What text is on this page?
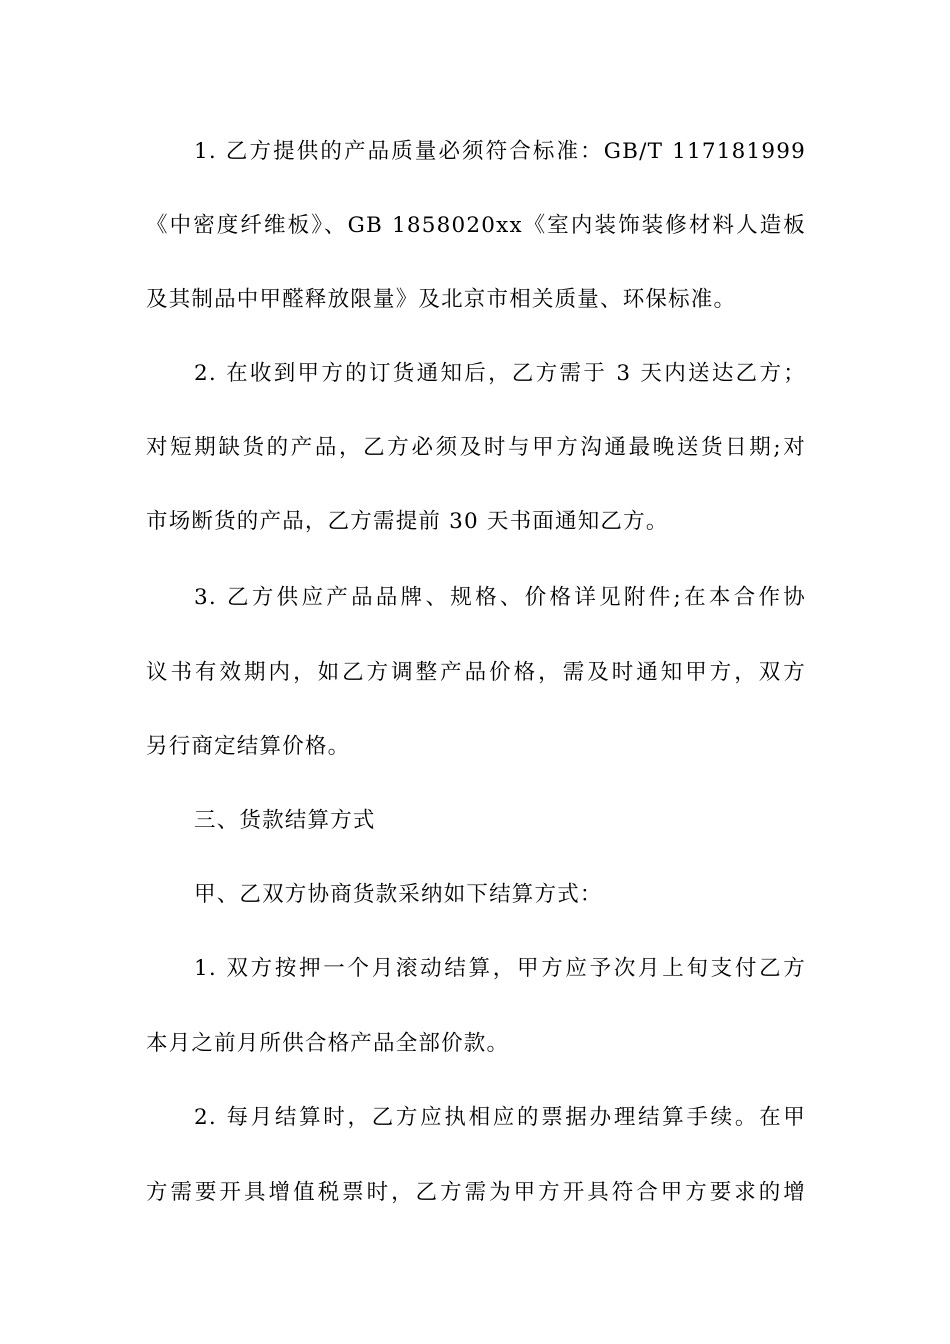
1. 乙方提供的产品质量必须符合标准：GB/T 117181999
《中密度纤维板》、GB 1858020xx《室内装饰装修材料人造板
及其制品中甲醛释放限量》及北京市相关质量、环保标准。
2. 在收到甲方的订货通知后，乙方需于 3 天内送达乙方；
对短期缺货的产品，乙方必须及时与甲方沟通最晚送货日期;对
市场断货的产品，乙方需提前 30 天书面通知乙方。
3. 乙方供应产品品牌、规格、价格详见附件;在本合作协
议书有效期内，如乙方调整产品价格，需及时通知甲方，双方
另行商定结算价格。
三、货款结算方式
甲、乙双方协商货款采纳如下结算方式：
1. 双方按押一个月滚动结算，甲方应予次月上旬支付乙方
本月之前月所供合格产品全部价款。
2. 每月结算时，乙方应执相应的票据办理结算手续。在甲
方需要开具增值税票时，乙方需为甲方开具符合甲方要求的增
